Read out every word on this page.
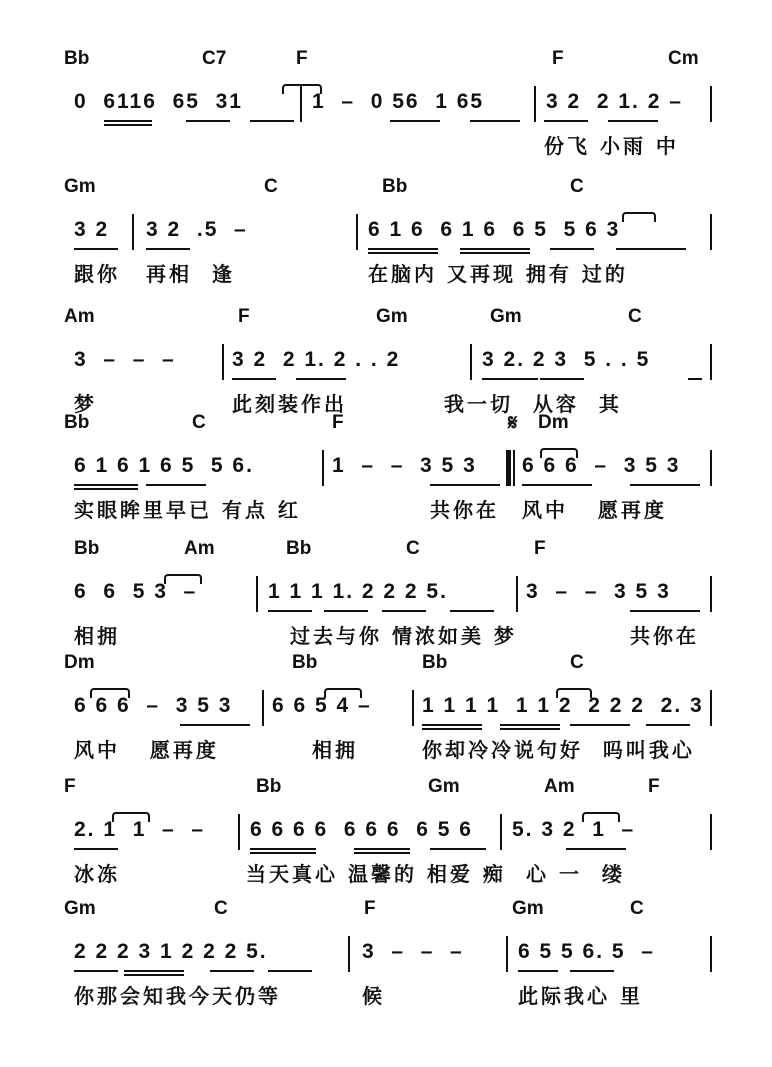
Bb	C7	F	F	Cm
0  6116  65  31	1  –  0 56  1 65	3 2  2 1. 2 –
份飞 小雨 中
Gm	C	Bb	C
3 2 3 2  .5  –	6 1 6  6 1 6  6 5  5 6 3
跟你 再相  逢	在脑内 又再现 拥有 过的
Am	F	Gm	Gm	C
3  –  –  –	3 2  2 1. 2 . . 2	3 2. 2 3  5 . . 5
梦	此刻装作出	我一切  从容  其
Bb	C	F	𝄋 Dm
6 1 6 1 6 5  5 6.	1  –  –  3 5 3 6 6 6  –  3 5 3
实眼眸里早已 有点 红	共你在 风中   愿再度
Bb	Am	Bb	C	F
6  6  5 3  –	1 1 1 1. 2 2 2 5.	3  –  –  3 5 3
相拥	过去与你 情浓如美 梦	共你在
Dm	Bb	Bb	C
6 6 6  –  3 5 3 6 6 5 4 – 1 1 1 1  1 1 2  2 2 2  2. 3
风中   愿再度	相拥	你却冷冷说句好  吗叫我心
F	Bb	Gm	Am	F
2. 1  1  –  – 6 6 6 6  6 6 6  6 5 6 5. 3 2  1  –
冰冻	当天真心 温馨的 相爱 痴 心 一  缕
Gm	C	F	Gm	C
2 2 2 3 1 2 2 2 5.	3  –  –  –	6 5 5 6. 5  –
你那会知我今天仍等	候	此际我心 里
